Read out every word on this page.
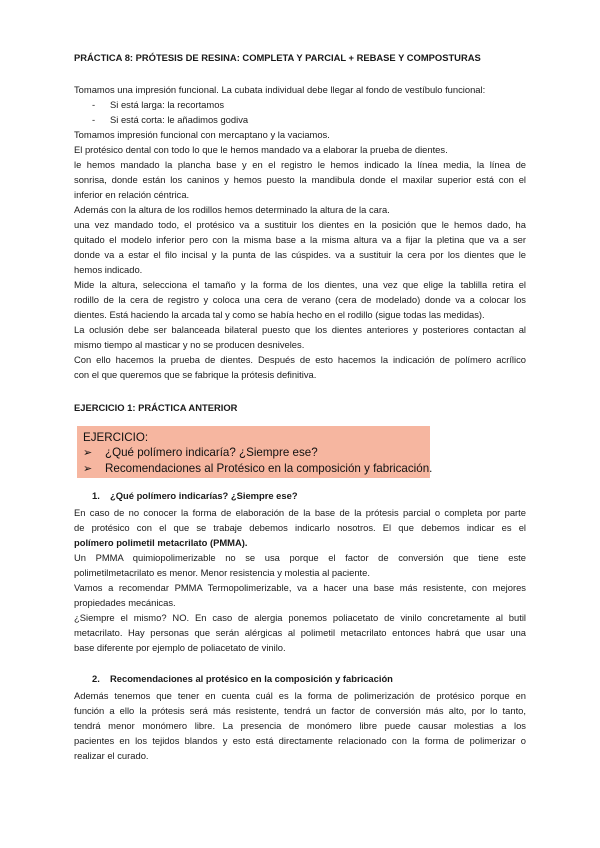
PRÁCTICA 8: PRÓTESIS DE RESINA: COMPLETA Y PARCIAL + REBASE Y COMPOSTURAS

Tomamos una impresión funcional. La cubata individual debe llegar al fondo de vestíbulo funcional:

- Si está larga: la recortamos

- Si está corta: le añadimos godiva

Tomamos impresión funcional con mercaptano y la vaciamos.

El protésico dental con todo lo que le hemos mandado va a elaborar la prueba de dientes.

le hemos mandado la plancha base y en el registro le hemos indicado la línea media, la línea de

sonrisa, donde están los caninos y hemos puesto la mandibula donde el maxilar superior está con el

inferior en relación céntrica.

Además con la altura de los rodillos hemos determinado la altura de la cara.

una vez mandado todo, el protésico va a sustituir los dientes en la posición que le hemos dado, ha

quitado el modelo inferior pero con la misma base a la misma altura va a fijar la pletina que va a ser

donde va a estar el filo incisal y la punta de las cúspides. va a sustituir la cera por los dientes que le

hemos indicado.

Mide la altura, selecciona el tamaño y la forma de los dientes, una vez que elige la tablilla retira el

rodillo de la cera de registro y coloca una cera de verano (cera de modelado) donde va a colocar los

dientes. Está haciendo la arcada tal y como se había hecho en el rodillo (sigue todas las medidas).

La oclusión debe ser balanceada bilateral puesto que los dientes anteriores y posteriores contactan al

mismo tiempo al masticar y no se producen desniveles.

Con ello hacemos la prueba de dientes. Después de esto hacemos la indicación de polímero acrílico

con el que queremos que se fabrique la prótesis definitiva.

EJERCICIO 1: PRÁCTICA ANTERIOR

EJERCICIO:
➢ ¿Qué polímero indicaría? ¿Siempre ese?
➢ Recomendaciones al Protésico en la composición y fabricación.

1. ¿Qué polímero indicarías? ¿Siempre ese?

En caso de no conocer la forma de elaboración de la base de la prótesis parcial o completa por parte

de protésico con el que se trabaje debemos indicarlo nosotros. El que debemos indicar es el

polímero polimetil metacrilato (PMMA).

Un PMMA quimiopolimerizable no se usa porque el factor de conversión que tiene este

polimetilmetacrilato es menor. Menor resistencia y molestia al paciente.

Vamos a recomendar PMMA Termopolimerizable, va a hacer una base más resistente, con mejores

propiedades mecánicas.

¿Siempre el mismo? NO. En caso de alergia ponemos poliacetato de vinilo concretamente al butil

metacrilato. Hay personas que serán alérgicas al polimetil metacrilato entonces habrá que usar una

base diferente por ejemplo de poliacetato de vinilo.

2. Recomendaciones al protésico en la composición y fabricación

Además tenemos que tener en cuenta cuál es la forma de polimerización de protésico porque en

función a ello la prótesis será más resistente, tendrá un factor de conversión más alto, por lo tanto,

tendrá menor monómero libre. La presencia de monómero libre puede causar molestias a los

pacientes en los tejidos blandos y esto está directamente relacionado con la forma de polimerizar o

realizar el curado.
